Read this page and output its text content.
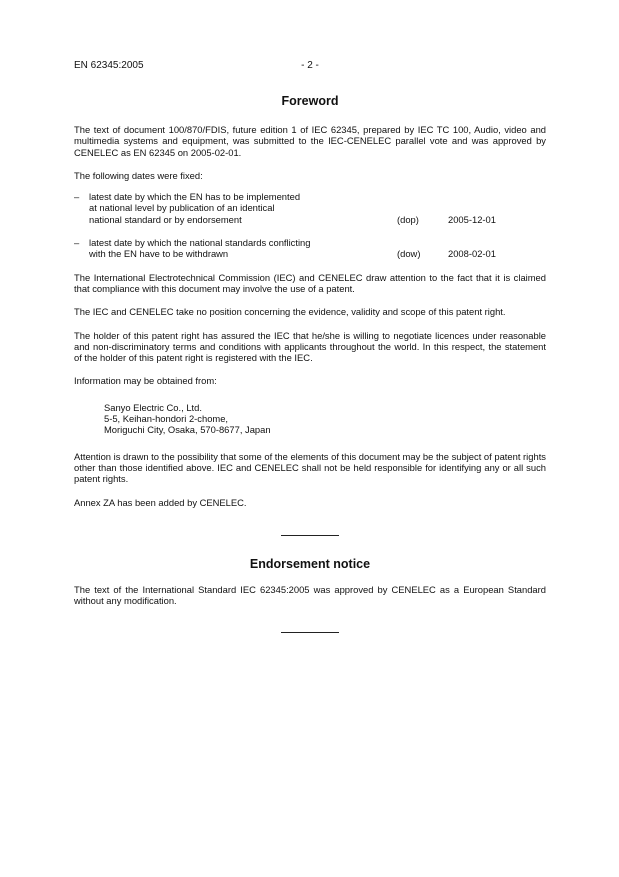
EN 62345:2005	- 2 -
Foreword

The text of document 100/870/FDIS, future edition 1 of IEC 62345, prepared by IEC TC 100, Audio, video and multimedia systems and equipment, was submitted to the IEC-CENELEC parallel vote and was approved by CENELEC as EN 62345 on 2005-02-01.

The following dates were fixed:

– latest date by which the EN has to be implemented
at national level by publication of an identical
national standard or by endorsement	(dop)	2005-12-01
– latest date by which the national standards conflicting
with the EN have to be withdrawn	(dow)	2008-02-01

The International Electrotechnical Commission (IEC) and CENELEC draw attention to the fact that it is claimed that compliance with this document may involve the use of a patent.

The IEC and CENELEC take no position concerning the evidence, validity and scope of this patent right.

The holder of this patent right has assured the IEC that he/she is willing to negotiate licences under reasonable and non-discriminatory terms and conditions with applicants throughout the world. In this respect, the statement of the holder of this patent right is registered with the IEC.

Information may be obtained from:

Sanyo Electric Co., Ltd.
5-5, Keihan-hondori 2-chome,
Moriguchi City, Osaka, 570-8677, Japan

Attention is drawn to the possibility that some of the elements of this document may be the subject of patent rights other than those identified above. IEC and CENELEC shall not be held responsible for identifying any or all such patent rights.

Annex ZA has been added by CENELEC.

Endorsement notice

The text of the International Standard IEC 62345:2005 was approved by CENELEC as a European Standard without any modification.
